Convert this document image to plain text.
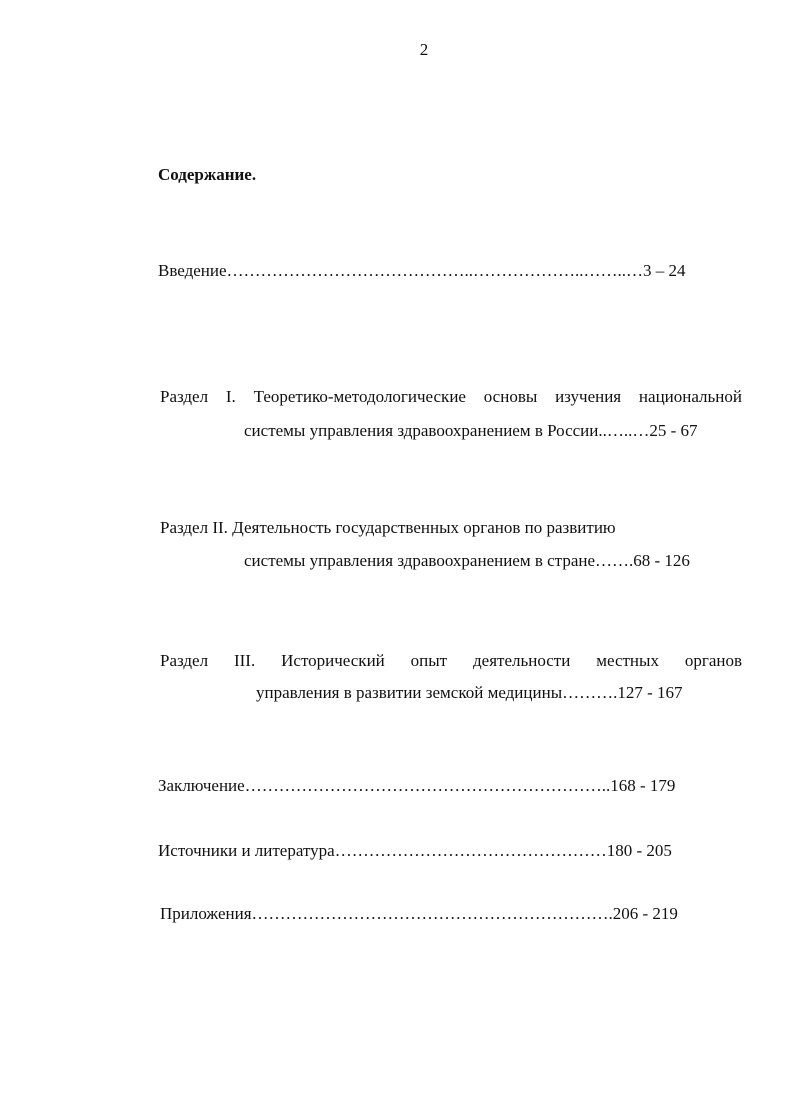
2
Содержание.
Введение……………………………………..………………..……..…3 – 24
Раздел I. Теоретико-методологические основы изучения национальной
системы управления здравоохранением в России..…..…25 - 67
Раздел II. Деятельность государственных органов по развитию
системы управления здравоохранением в стране…….68 - 126
Раздел III. Исторический опыт деятельности местных органов
управления в развитии земской медицины……….127 - 167
Заключение………………………………………………………..168 - 179
Источники и литература…………………………………………180 - 205
Приложения……………………………………………………….206 - 219
